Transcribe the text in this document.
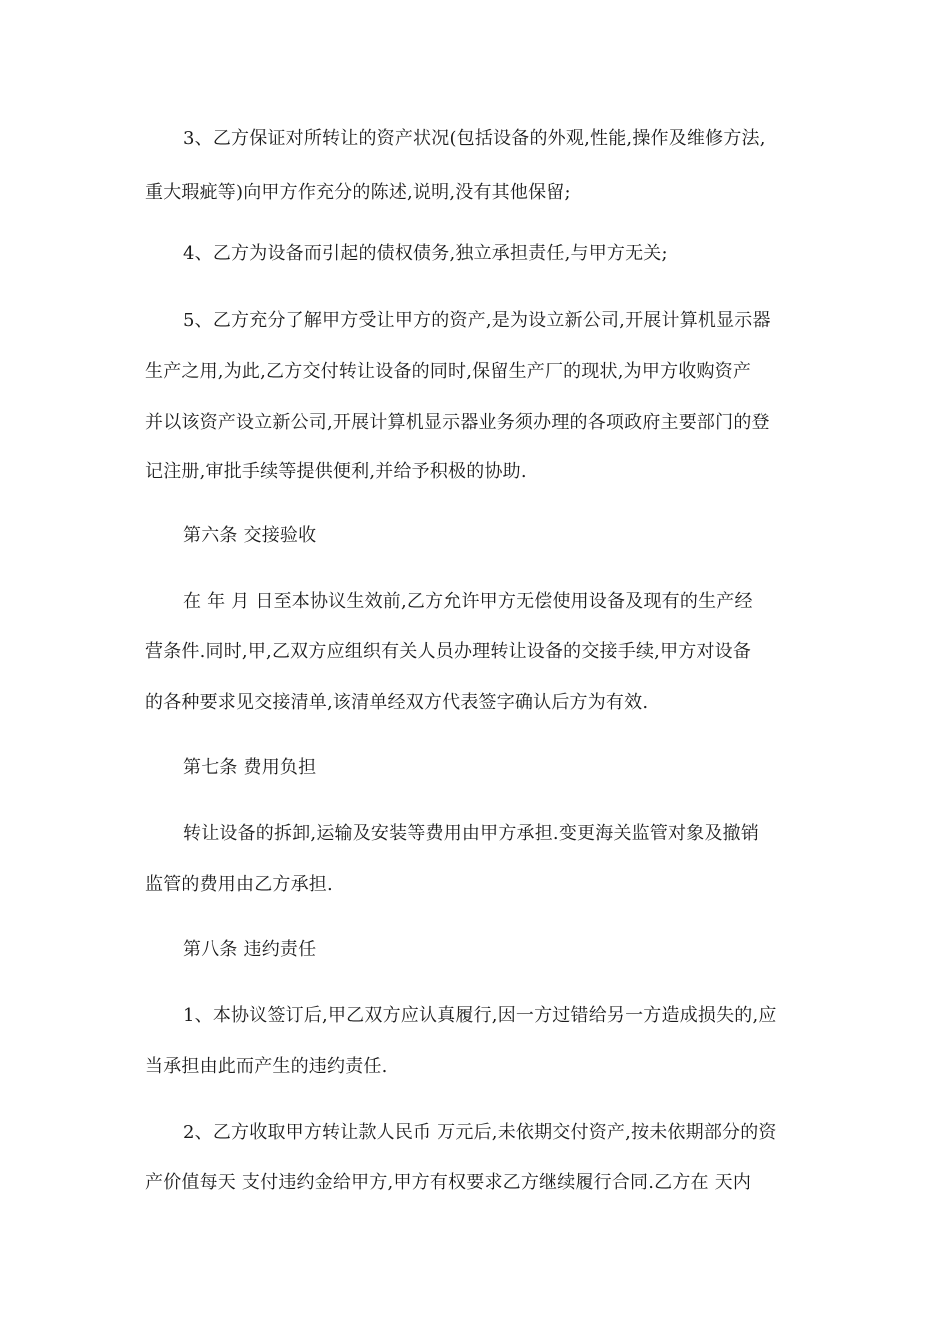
3、乙方保证对所转让的资产状况(包括设备的外观,性能,操作及维修方法,
重大瑕疵等)向甲方作充分的陈述,说明,没有其他保留;
4、乙方为设备而引起的债权债务,独立承担责任,与甲方无关;
5、乙方充分了解甲方受让甲方的资产,是为设立新公司,开展计算机显示器
生产之用,为此,乙方交付转让设备的同时,保留生产厂的现状,为甲方收购资产
并以该资产设立新公司,开展计算机显示器业务须办理的各项政府主要部门的登
记注册,审批手续等提供便利,并给予积极的协助.
第六条 交接验收
在 年 月 日至本协议生效前,乙方允许甲方无偿使用设备及现有的生产经
营条件.同时,甲,乙双方应组织有关人员办理转让设备的交接手续,甲方对设备
的各种要求见交接清单,该清单经双方代表签字确认后方为有效.
第七条 费用负担
转让设备的拆卸,运输及安装等费用由甲方承担.变更海关监管对象及撤销
监管的费用由乙方承担.
第八条 违约责任
1、本协议签订后,甲乙双方应认真履行,因一方过错给另一方造成损失的,应
当承担由此而产生的违约责任.
2、乙方收取甲方转让款人民币 万元后,未依期交付资产,按未依期部分的资
产价值每天 支付违约金给甲方,甲方有权要求乙方继续履行合同.乙方在 天内
